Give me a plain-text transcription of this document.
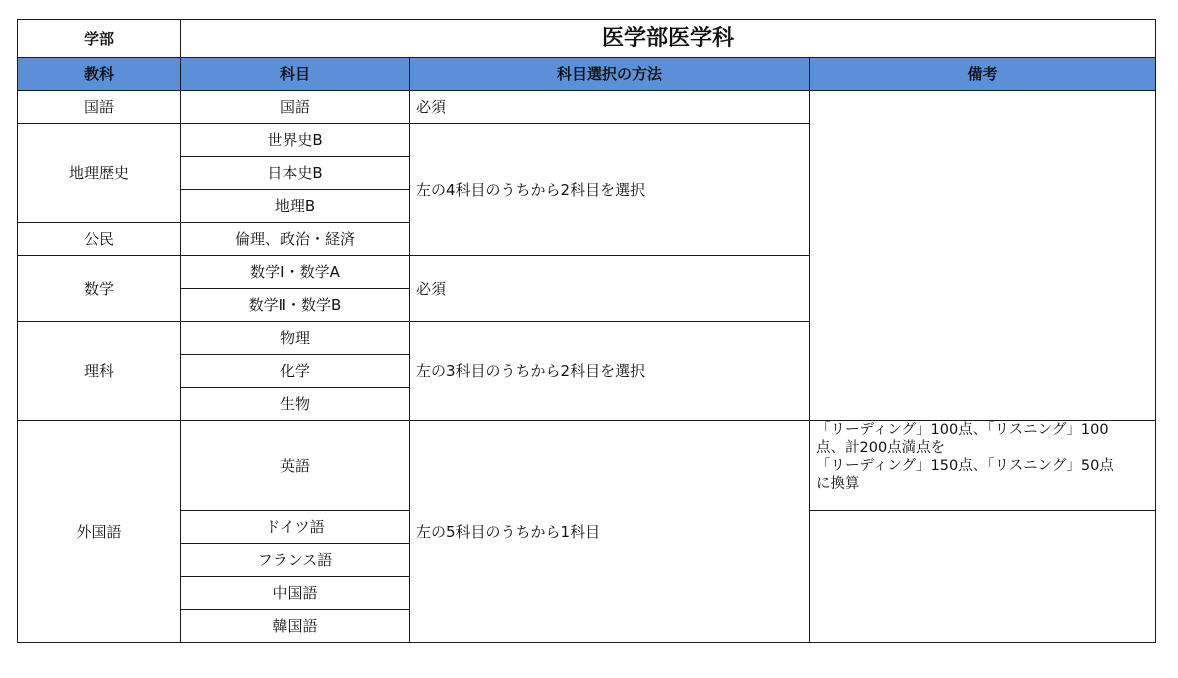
学部	医学部医学科		
教科	科目	科目選択の方法	備考
国語	国語	必須	
地理歴史	世界史B	左の4科目のうちから2科目を選択	
	日本史B		
	地理B		
公民	倫理、政治・経済		
数学	数学Ⅰ・数学A	必須	
	数学Ⅱ・数学B		
理科	物理	左の3科目のうちから2科目を選択	
	化学		
	生物		
外国語	英語	左の5科目のうちから1科目	「リーディング」100点、「リスニング」100
点、計200点満点を
「リーディング」150点、「リスニング」50点
に換算

	ドイツ語		
	フランス語		
	中国語		
	韓国語		
